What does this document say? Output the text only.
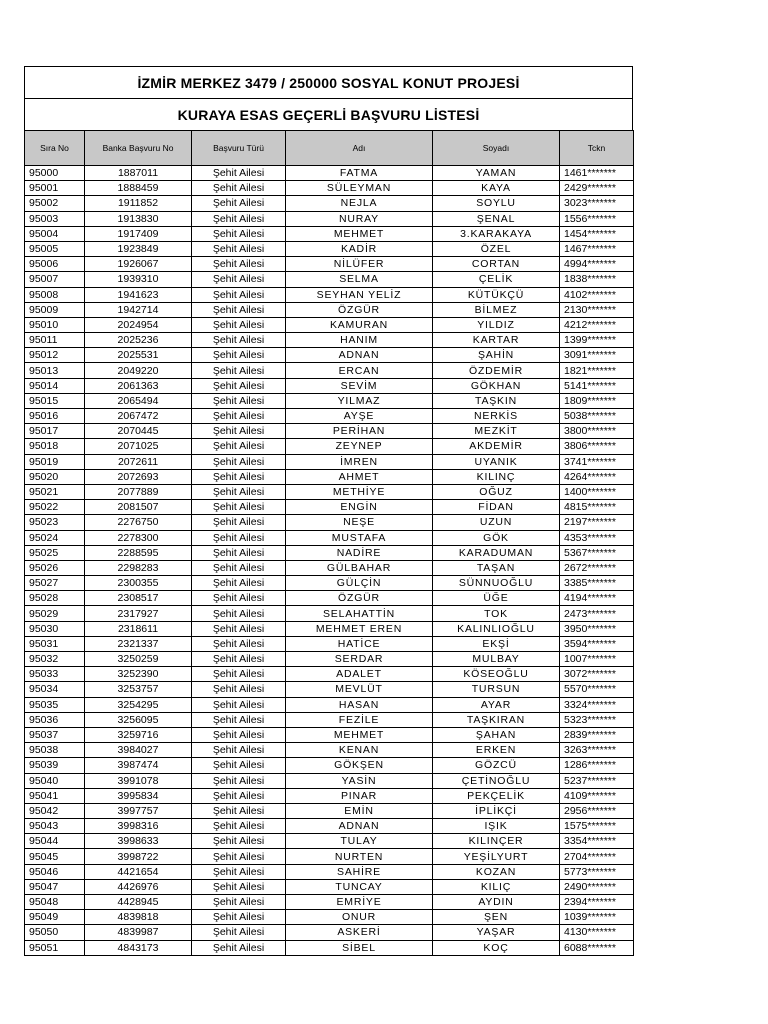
İZMİR MERKEZ 3479 / 250000 SOSYAL KONUT PROJESİ
KURAYA ESAS GEÇERLİ BAŞVURU LİSTESİ
Sıra No	Banka Başvuru No	Başvuru Türü	Adı	Soyadı	Tckn
95000	1887011	Şehit Ailesi	FATMA	YAMAN	1461*******
95001	1888459	Şehit Ailesi	SÜLEYMAN	KAYA	2429*******
95002	1911852	Şehit Ailesi	NEJLA	SOYLU	3023*******
95003	1913830	Şehit Ailesi	NURAY	ŞENAL	1556*******
95004	1917409	Şehit Ailesi	MEHMET	3.KARAKAYA	1454*******
95005	1923849	Şehit Ailesi	KADİR	ÖZEL	1467*******
95006	1926067	Şehit Ailesi	NİLÜFER	CORTAN	4994*******
95007	1939310	Şehit Ailesi	SELMA	ÇELİK	1838*******
95008	1941623	Şehit Ailesi	SEYHAN YELİZ	KÜTÜKÇÜ	4102*******
95009	1942714	Şehit Ailesi	ÖZGÜR	BİLMEZ	2130*******
95010	2024954	Şehit Ailesi	KAMURAN	YILDIZ	4212*******
95011	2025236	Şehit Ailesi	HANIM	KARTAR	1399*******
95012	2025531	Şehit Ailesi	ADNAN	ŞAHİN	3091*******
95013	2049220	Şehit Ailesi	ERCAN	ÖZDEMİR	1821*******
95014	2061363	Şehit Ailesi	SEVİM	GÖKHAN	5141*******
95015	2065494	Şehit Ailesi	YILMAZ	TAŞKIN	1809*******
95016	2067472	Şehit Ailesi	AYŞE	NERKİS	5038*******
95017	2070445	Şehit Ailesi	PERİHAN	MEZKİT	3800*******
95018	2071025	Şehit Ailesi	ZEYNEP	AKDEMİR	3806*******
95019	2072611	Şehit Ailesi	İMREN	UYANIK	3741*******
95020	2072693	Şehit Ailesi	AHMET	KILINÇ	4264*******
95021	2077889	Şehit Ailesi	METHİYE	OĞUZ	1400*******
95022	2081507	Şehit Ailesi	ENGİN	FİDAN	4815*******
95023	2276750	Şehit Ailesi	NEŞE	UZUN	2197*******
95024	2278300	Şehit Ailesi	MUSTAFA	GÖK	4353*******
95025	2288595	Şehit Ailesi	NADİRE	KARADUMAN	5367*******
95026	2298283	Şehit Ailesi	GÜLBAHAR	TAŞAN	2672*******
95027	2300355	Şehit Ailesi	GÜLÇİN	SÜNNUOĞLU	3385*******
95028	2308517	Şehit Ailesi	ÖZGÜR	ÜĞE	4194*******
95029	2317927	Şehit Ailesi	SELAHATTİN	TOK	2473*******
95030	2318611	Şehit Ailesi	MEHMET EREN	KALINLIOĞLU	3950*******
95031	2321337	Şehit Ailesi	HATİCE	EKŞİ	3594*******
95032	3250259	Şehit Ailesi	SERDAR	MULBAY	1007*******
95033	3252390	Şehit Ailesi	ADALET	KÖSEOĞLU	3072*******
95034	3253757	Şehit Ailesi	MEVLÜT	TURSUN	5570*******
95035	3254295	Şehit Ailesi	HASAN	AYAR	3324*******
95036	3256095	Şehit Ailesi	FEZİLE	TAŞKIRAN	5323*******
95037	3259716	Şehit Ailesi	MEHMET	ŞAHAN	2839*******
95038	3984027	Şehit Ailesi	KENAN	ERKEN	3263*******
95039	3987474	Şehit Ailesi	GÖKŞEN	GÖZCÜ	1286*******
95040	3991078	Şehit Ailesi	YASİN	ÇETİNOĞLU	5237*******
95041	3995834	Şehit Ailesi	PINAR	PEKÇELİK	4109*******
95042	3997757	Şehit Ailesi	EMİN	İPLİKÇİ	2956*******
95043	3998316	Şehit Ailesi	ADNAN	IŞIK	1575*******
95044	3998633	Şehit Ailesi	TULAY	KILINÇER	3354*******
95045	3998722	Şehit Ailesi	NURTEN	YEŞİLYURT	2704*******
95046	4421654	Şehit Ailesi	SAHİRE	KOZAN	5773*******
95047	4426976	Şehit Ailesi	TUNCAY	KILIÇ	2490*******
95048	4428945	Şehit Ailesi	EMRİYE	AYDIN	2394*******
95049	4839818	Şehit Ailesi	ONUR	ŞEN	1039*******
95050	4839987	Şehit Ailesi	ASKERİ	YAŞAR	4130*******
95051	4843173	Şehit Ailesi	SİBEL	KOÇ	6088*******
